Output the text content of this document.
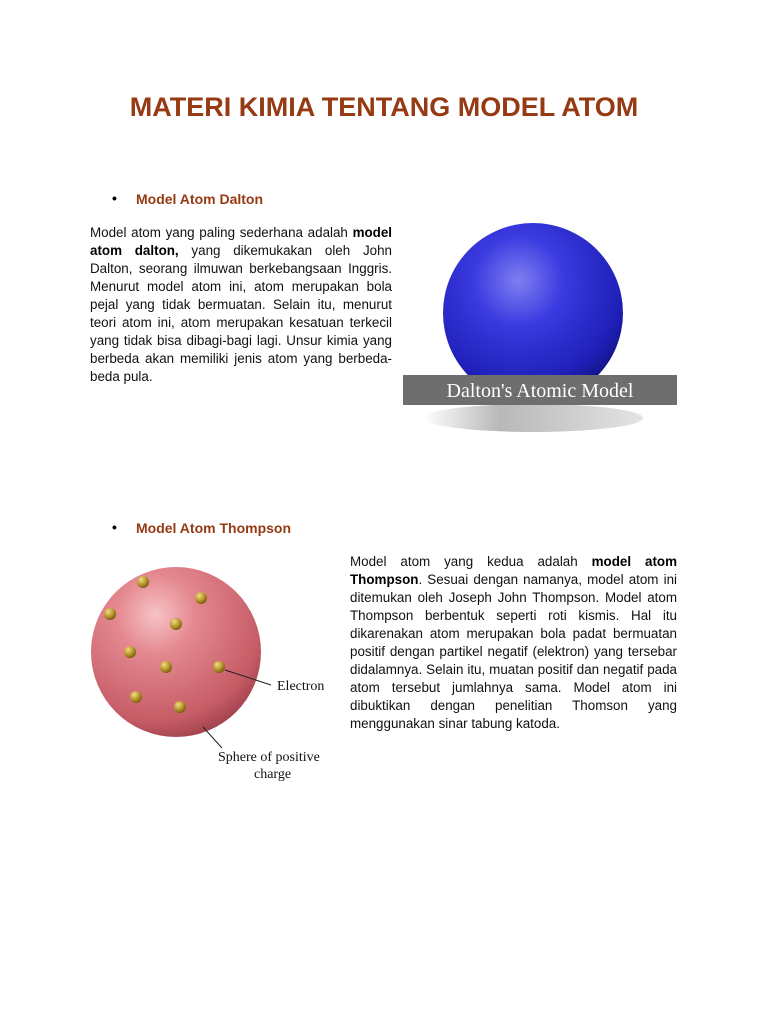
MATERI KIMIA TENTANG MODEL ATOM
• Model Atom Dalton

Model atom yang paling sederhana adalah model atom dalton, yang dikemukakan oleh John Dalton, seorang ilmuwan berkebangsaan Inggris. Menurut model atom ini, atom merupakan bola pejal yang tidak bermuatan. Selain itu, menurut teori atom ini, atom merupakan kesatuan terkecil yang tidak bisa dibagi-bagi lagi. Unsur kimia yang berbeda akan memiliki jenis atom yang berbeda-beda pula.

Dalton's Atomic Model
• Model Atom Thompson

Model atom yang kedua adalah model atom Thompson. Sesuai dengan namanya, model atom ini ditemukan oleh Joseph John Thompson. Model atom Thompson berbentuk seperti roti kismis. Hal itu dikarenakan atom merupakan bola padat bermuatan positif dengan partikel negatif (elektron) yang tersebar didalamnya. Selain itu, muatan positif dan negatif pada atom tersebut jumlahnya sama. Model atom ini dibuktikan dengan penelitian Thomson yang menggunakan sinar tabung katoda.

Electron
Sphere of positive
charge
